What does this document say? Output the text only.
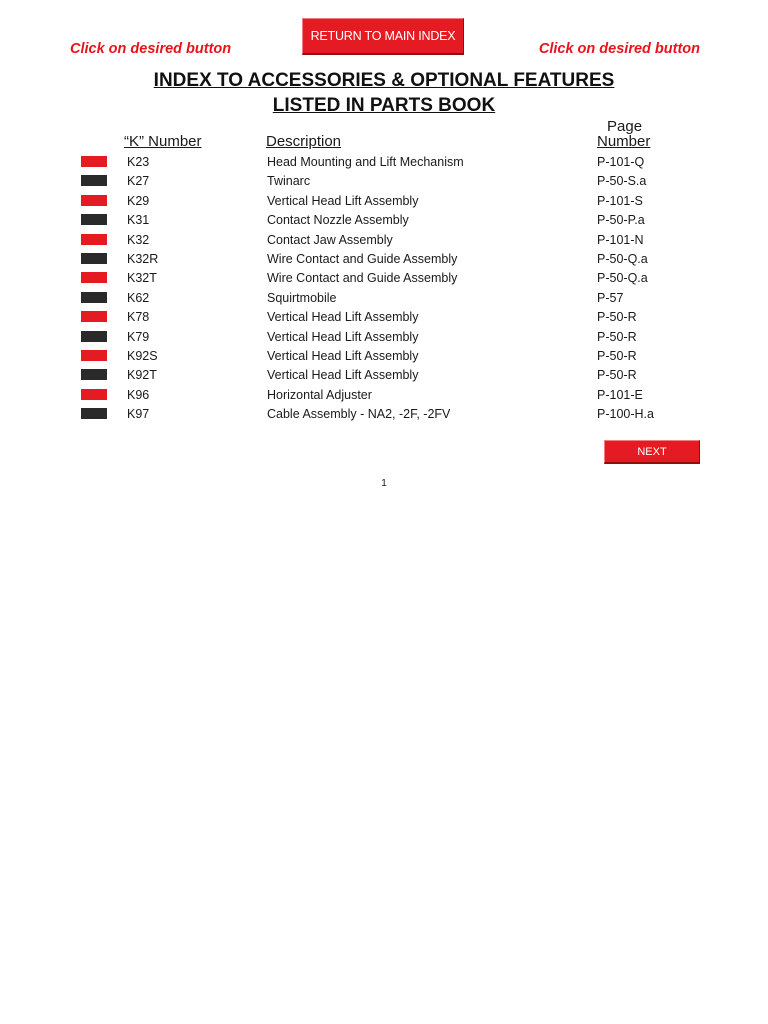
Click on desired button
RETURN TO MAIN INDEX
Click on desired button
INDEX TO ACCESSORIES & OPTIONAL FEATURES
LISTED IN PARTS BOOK
“K” Number	Description
Page
Number
K23	Head Mounting and Lift Mechanism	P-101-Q
K27	Twinarc	P-50-S.a
K29	Vertical Head Lift Assembly	P-101-S
K31	Contact Nozzle Assembly	P-50-P.a
K32	Contact Jaw Assembly	P-101-N
K32R	Wire Contact and Guide Assembly	P-50-Q.a
K32T	Wire Contact and Guide Assembly	P-50-Q.a
K62	Squirtmobile	P-57
K78	Vertical Head Lift Assembly	P-50-R
K79	Vertical Head Lift Assembly	P-50-R
K92S	Vertical Head Lift Assembly	P-50-R
K92T	Vertical Head Lift Assembly	P-50-R
K96	Horizontal Adjuster	P-101-E
K97	Cable Assembly - NA2, -2F, -2FV	P-100-H.a
NEXT
1
